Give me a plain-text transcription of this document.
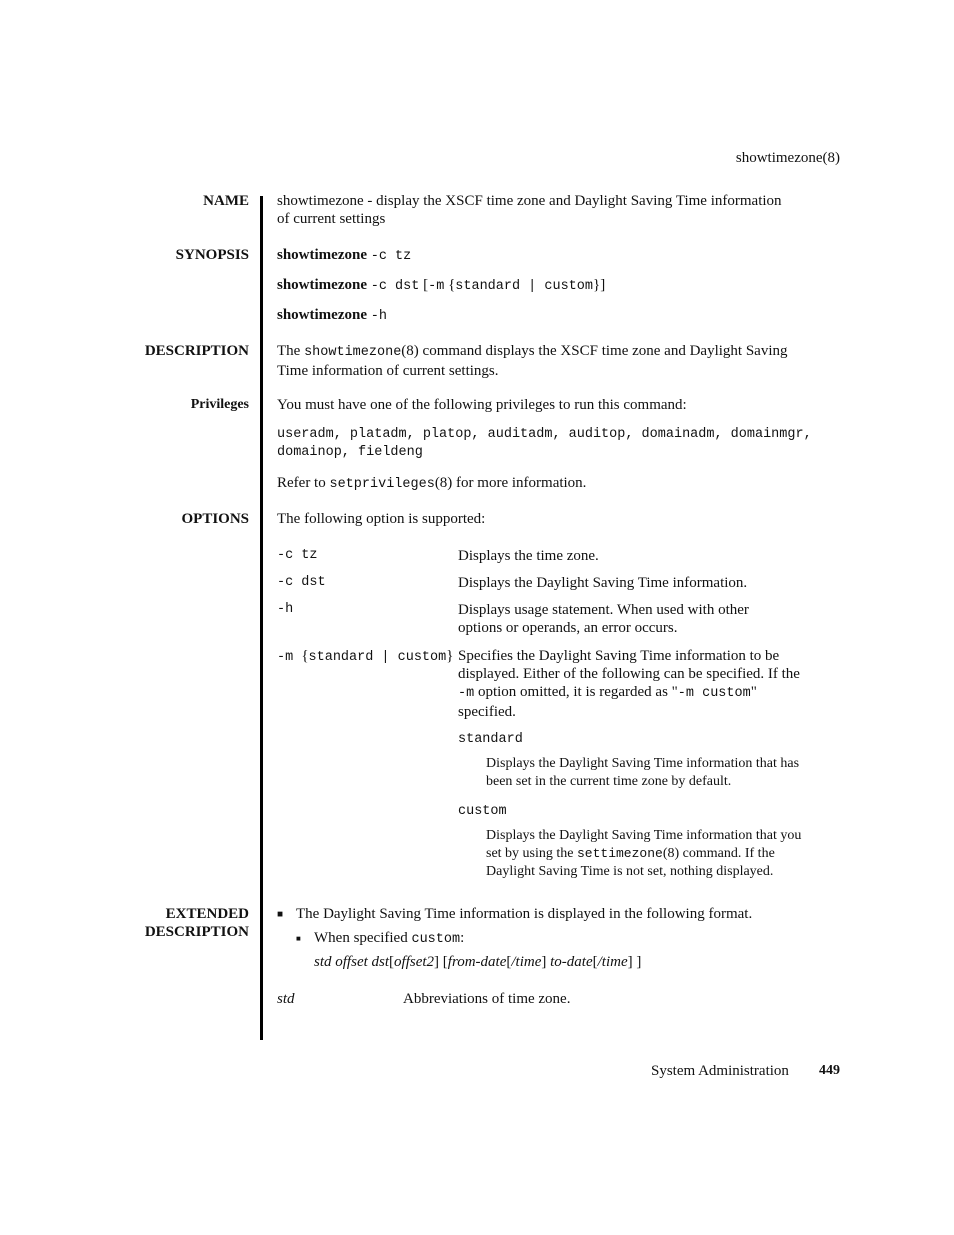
showtimezone(8)
NAME showtimezone - display the XSCF time zone and Daylight Saving Time information
of current settings
SYNOPSIS showtimezone -c tz
showtimezone -c dst [-m {standard | custom}]
showtimezone -h
DESCRIPTION The showtimezone(8) command displays the XSCF time zone and Daylight Saving
Time information of current settings.
Privileges You must have one of the following privileges to run this command:
useradm, platadm, platop, auditadm, auditop, domainadm, domainmgr,
domainop, fieldeng
Refer to setprivileges(8) for more information.
OPTIONS The following option is supported:
-c tz	Displays the time zone.
-c dst	Displays the Daylight Saving Time information.
-h	Displays usage statement. When used with other
options or operands, an error occurs.
-m {standard | custom} Specifies the Daylight Saving Time information to be
displayed. Either of the following can be specified. If the
-m option omitted, it is regarded as "-m custom"
specified.
standard
Displays the Daylight Saving Time information that has
been set in the current time zone by default.
custom
Displays the Daylight Saving Time information that you
set by using the settimezone(8) command. If the
Daylight Saving Time is not set, nothing displayed.
EXTENDED
DESCRIPTION
■ The Daylight Saving Time information is displayed in the following format.
■ When specified custom:
std offset dst[offset2] [from-date[/time] to-date[/time] ]
std	Abbreviations of time zone.
System Administration 449
